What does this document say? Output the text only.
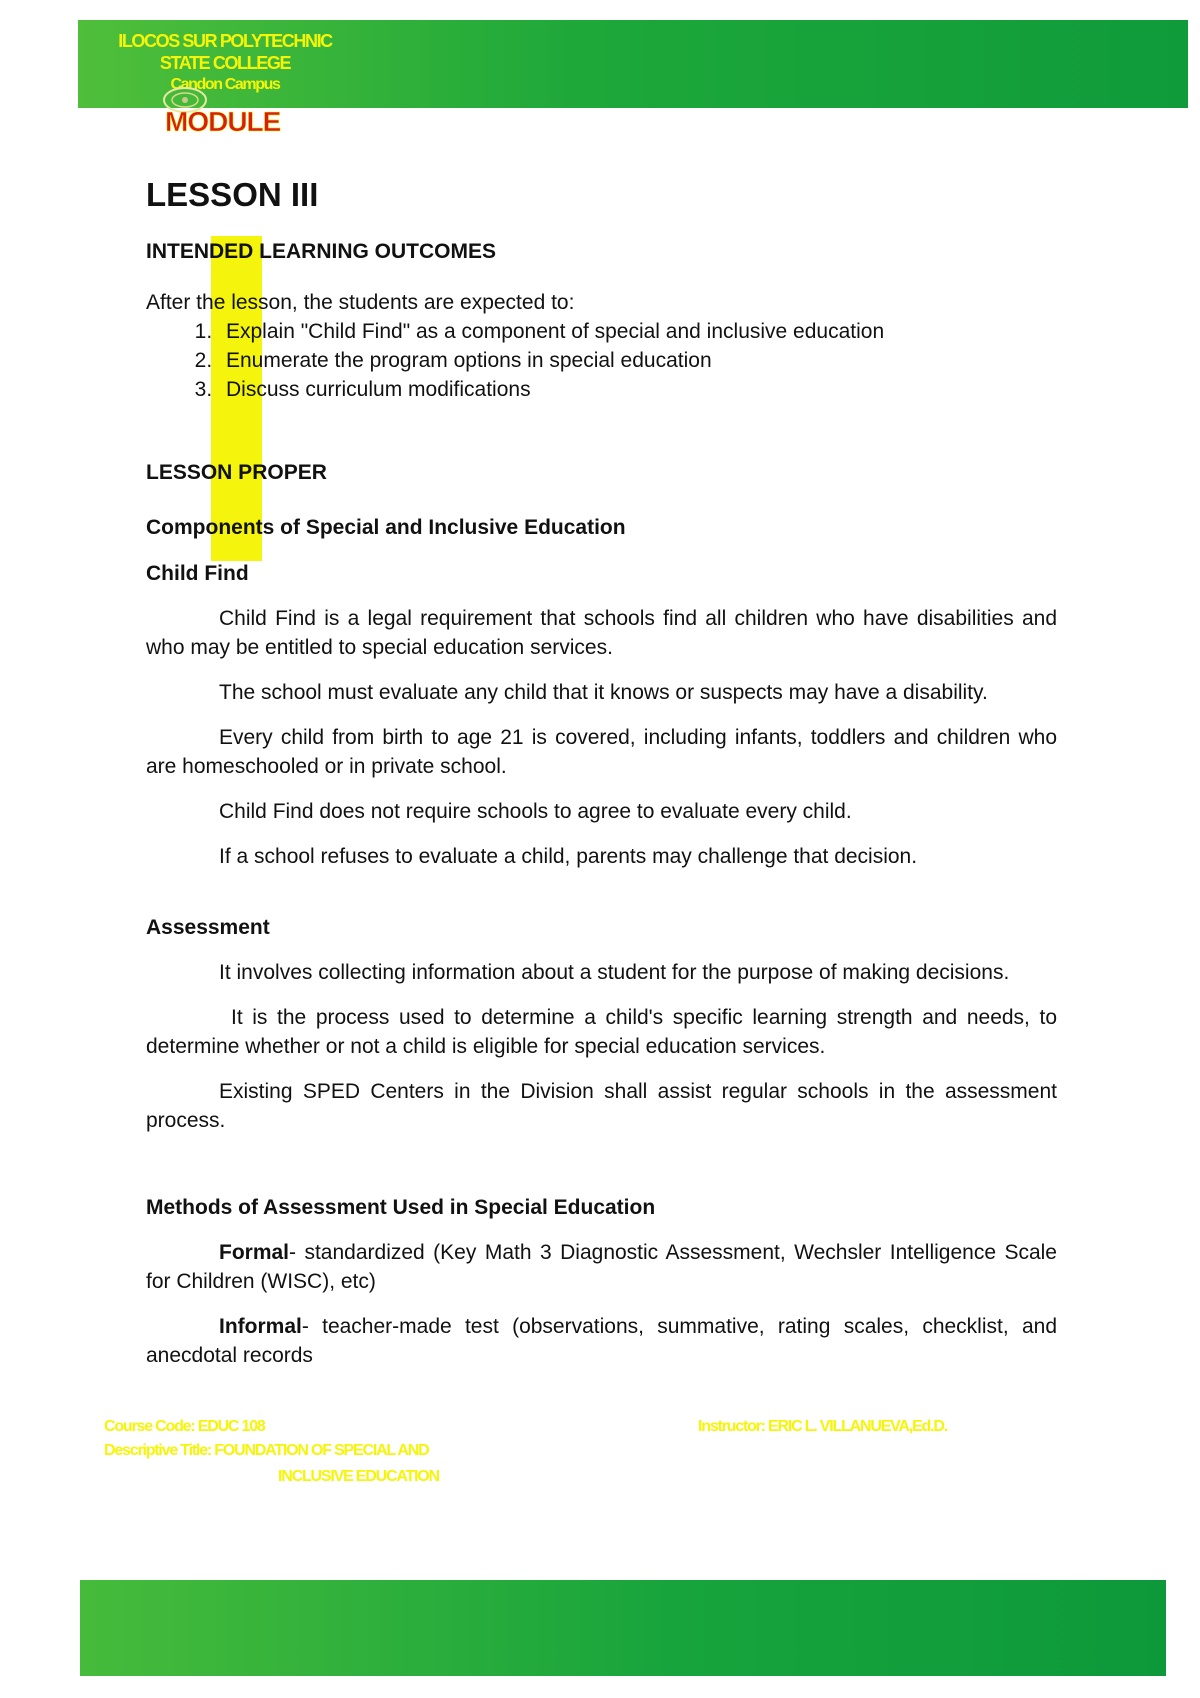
ILOCOS SUR POLYTECHNIC
STATE COLLEGE
Candon Campus
MODULE
LESSON III

INTENDED LEARNING OUTCOMES

After the lesson, the students are expected to:

1. Explain "Child Find" as a component of special and inclusive education
2. Enumerate the program options in special education
3. Discuss curriculum modifications

LESSON PROPER

Components of Special and Inclusive Education

Child Find

Child Find is a legal requirement that schools find all children who have disabilities and who may be entitled to special education services.

The school must evaluate any child that it knows or suspects may have a disability.

Every child from birth to age 21 is covered, including infants, toddlers and children who are homeschooled or in private school.

Child Find does not require schools to agree to evaluate every child.

If a school refuses to evaluate a child, parents may challenge that decision.

Assessment

It involves collecting information about a student for the purpose of making decisions.

It is the process used to determine a child's specific learning strength and needs, to determine whether or not a child is eligible for special education services.

Existing SPED Centers in the Division shall assist regular schools in the assessment process.

Methods of Assessment Used in Special Education

Formal- standardized (Key Math 3 Diagnostic Assessment, Wechsler Intelligence Scale for Children (WISC), etc)

Informal- teacher-made test (observations, summative, rating scales, checklist, and anecdotal records

Course Code: EDUC 108
Descriptive Title: FOUNDATION OF SPECIAL AND
INCLUSIVE EDUCATION
Instructor: ERIC L. VILLANUEVA,Ed.D.
